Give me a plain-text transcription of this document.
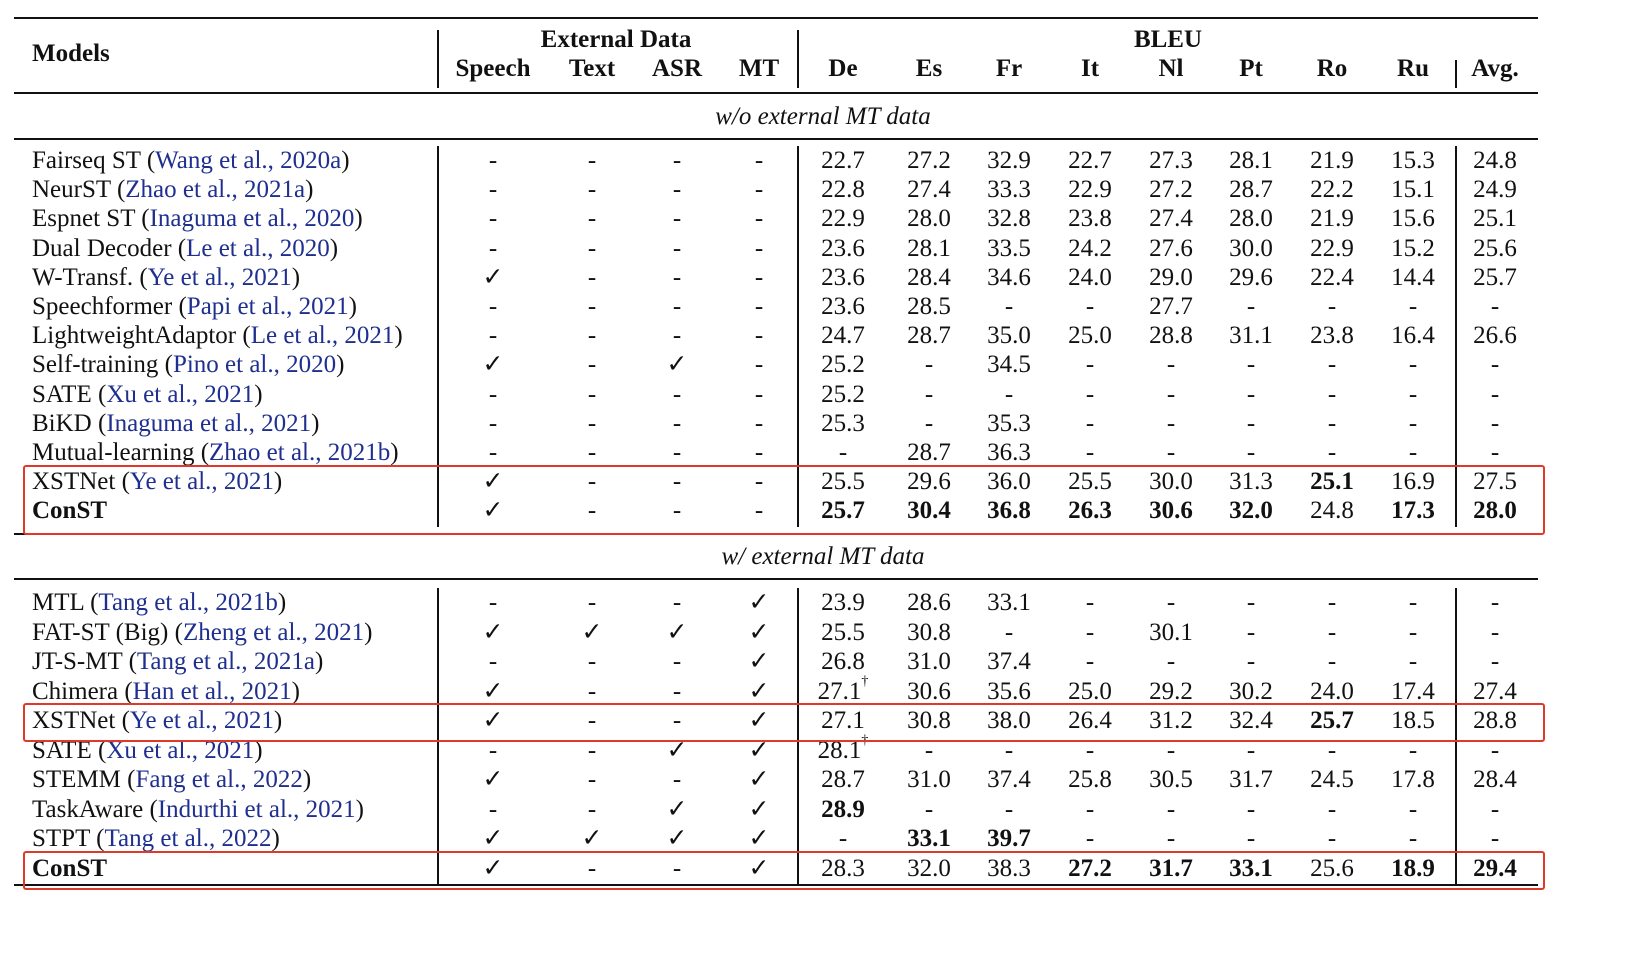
Models
External Data	BLEU
Speech	Text	ASR	MT	De	Es	Fr	It	Nl	Pt	Ro	Ru	Avg.
w/o external MT data
Fairseq ST (Wang et al., 2020a)	-	-	-	-	22.7	27.2	32.9	22.7	27.3	28.1	21.9	15.3	24.8
NeurST (Zhao et al., 2021a)	-	-	-	-	22.8	27.4	33.3	22.9	27.2	28.7	22.2	15.1	24.9
Espnet ST (Inaguma et al., 2020)	-	-	-	-	22.9	28.0	32.8	23.8	27.4	28.0	21.9	15.6	25.1
Dual Decoder (Le et al., 2020)	-	-	-	-	23.6	28.1	33.5	24.2	27.6	30.0	22.9	15.2	25.6
W-Transf. (Ye et al., 2021)	✓	-	-	-	23.6	28.4	34.6	24.0	29.0	29.6	22.4	14.4	25.7
Speechformer (Papi et al., 2021)	-	-	-	-	23.6	28.5	-	-	27.7	-	-	-	-
LightweightAdaptor (Le et al., 2021)	-	-	-	-	24.7	28.7	35.0	25.0	28.8	31.1	23.8	16.4	26.6
Self-training (Pino et al., 2020)	✓	-	✓	-	25.2	-	34.5	-	-	-	-	-	-
SATE (Xu et al., 2021)	-	-	-	-	25.2	-	-	-	-	-	-	-	-
BiKD (Inaguma et al., 2021)	-	-	-	-	25.3	-	35.3	-	-	-	-	-	-
Mutual-learning (Zhao et al., 2021b)	-	-	-	-	-	28.7	36.3	-	-	-	-	-	-
XSTNet (Ye et al., 2021)	✓	-	-	-	25.5	29.6	36.0	25.5	30.0	31.3	25.1	16.9	27.5
ConST	✓	-	-	-	25.7	30.4	36.8	26.3	30.6	32.0	24.8	17.3	28.0
w/ external MT data
MTL (Tang et al., 2021b)	-	-	-	✓	23.9	28.6	33.1	-	-	-	-	-	-
FAT-ST (Big) (Zheng et al., 2021)	✓	✓	✓	✓	25.5	30.8	-	-	30.1	-	-	-	-
JT-S-MT (Tang et al., 2021a)	-	-	-	✓	26.8	31.0	37.4	-	-	-	-	-	-
Chimera (Han et al., 2021)	✓	-	-	✓	27.1†	30.6	35.6	25.0	29.2	30.2	24.0	17.4	27.4
XSTNet (Ye et al., 2021)	✓	-	-	✓	27.1	30.8	38.0	26.4	31.2	32.4	25.7	18.5	28.8
SATE (Xu et al., 2021)	-	-	✓	✓	28.1†	-	-	-	-	-	-	-	-
STEMM (Fang et al., 2022)	✓	-	-	✓	28.7	31.0	37.4	25.8	30.5	31.7	24.5	17.8	28.4
TaskAware (Indurthi et al., 2021)	-	-	✓	✓	28.9	-	-	-	-	-	-	-	-
STPT (Tang et al., 2022)	✓	✓	✓	✓	-	33.1	39.7	-	-	-	-	-	-
ConST	✓	-	-	✓	28.3	32.0	38.3	27.2	31.7	33.1	25.6	18.9	29.4
